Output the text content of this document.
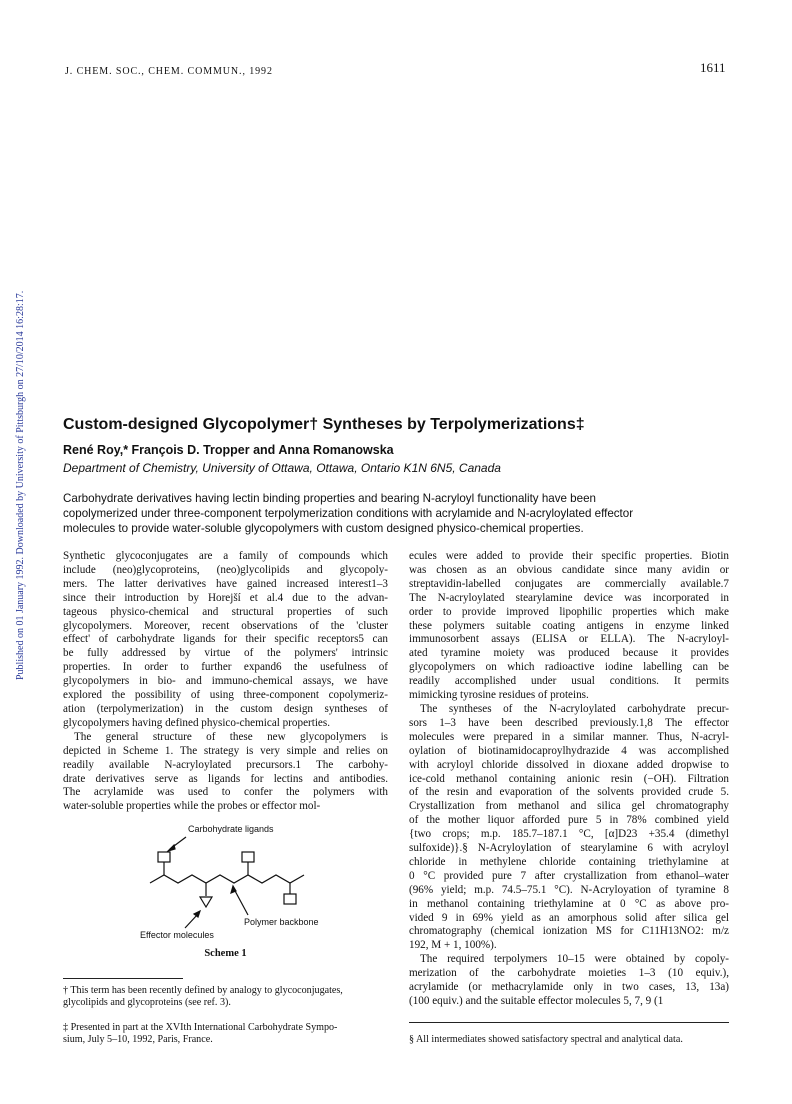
J. CHEM. SOC., CHEM. COMMUN., 1992	1611
Published on 01 January 1992. Downloaded by University of Pittsburgh on 27/10/2014 16:28:17. Custom-designed Glycopolymer† Syntheses by Terpolymerizations‡
René Roy,* François D. Tropper and Anna Romanowska
Department of Chemistry, University of Ottawa, Ottawa, Ontario K1N 6N5, Canada
Carbohydrate derivatives having lectin binding properties and bearing N-acryloyl functionality have been
copolymerized under three-component terpolymerization conditions with acrylamide and N-acryloylated effector
molecules to provide water-soluble glycopolymers with custom designed physico-chemical properties.
Synthetic glycoconjugates are a family of compounds which
include (neo)glycoproteins, (neo)glycolipids and glycopoly-
mers. The latter derivatives have gained increased interest1–3
since their introduction by Horejší et al.4 due to the advan-
tageous physico-chemical and structural properties of such
glycopolymers. Moreover, recent observations of the 'cluster
effect' of carbohydrate ligands for their specific receptors5 can
be fully addressed by virtue of the polymers' intrinsic
properties. In order to further expand6 the usefulness of
glycopolymers in bio- and immuno-chemical assays, we have
explored the possibility of using three-component copolymeriz-
ation (terpolymerization) in the custom design syntheses of
glycopolymers having defined physico-chemical properties.
The general structure of these new glycopolymers is
depicted in Scheme 1. The strategy is very simple and relies on
readily available N-acryloylated precursors.1 The carbohy-
drate derivatives serve as ligands for lectins and antibodies.
The acrylamide was used to confer the polymers with
water-soluble properties while the probes or effector mol-
ecules were added to provide their specific properties. Biotin
was chosen as an obvious candidate since many avidin or
streptavidin-labelled conjugates are commercially available.7
The N-acryloylated stearylamine device was incorporated in
order to provide improved lipophilic properties which make
these polymers suitable coating antigens in enzyme linked
immunosorbent assays (ELISA or ELLA). The N-acryloyl-
ated tyramine moiety was produced because it provides
glycopolymers on which radioactive iodine labelling can be
readily accomplished under usual conditions. It permits
mimicking tyrosine residues of proteins.
The syntheses of the N-acryloylated carbohydrate precur-
sors 1–3 have been described previously.1,8 The effector
molecules were prepared in a similar manner. Thus, N-acryl-
oylation of biotinamidocaproylhydrazide 4 was accomplished
with acryloyl chloride dissolved in dioxane added dropwise to
ice-cold methanol containing anionic resin (−OH). Filtration
of the resin and evaporation of the solvents provided crude 5.
Crystallization from methanol and silica gel chromatography
of the mother liquor afforded pure 5 in 78% combined yield
{two crops; m.p. 185.7–187.1 °C, [α]D23 +35.4 (dimethyl
sulfoxide)}.§ N-Acryloylation of stearylamine 6 with acryloyl
chloride in methylene chloride containing triethylamine at
0 °C provided pure 7 after crystallization from ethanol–water
(96% yield; m.p. 74.5–75.1 °C). N-Acryloyation of tyramine 8
in methanol containing triethylamine at 0 °C as above pro-
vided 9 in 69% yield as an amorphous solid after silica gel
chromatography (chemical ionization MS for C11H13NO2: m/z
192, M + 1, 100%).
The required terpolymers 10–15 were obtained by copoly-
merization of the carbohydrate moieties 1–3 (10 equiv.),
acrylamide (or methacrylamide only in two cases, 13, 13a)
(100 equiv.) and the suitable effector molecules 5, 7, 9 (1
Carbohydrate ligands
Polymer backbone
Effector molecules
Scheme 1
† This term has been recently defined by analogy to glycoconjugates,
glycolipids and glycoproteins (see ref. 3).
‡ Presented in part at the XVIth International Carbohydrate Sympo-
sium, July 5–10, 1992, Paris, France.	§ All intermediates showed satisfactory spectral and analytical data.
